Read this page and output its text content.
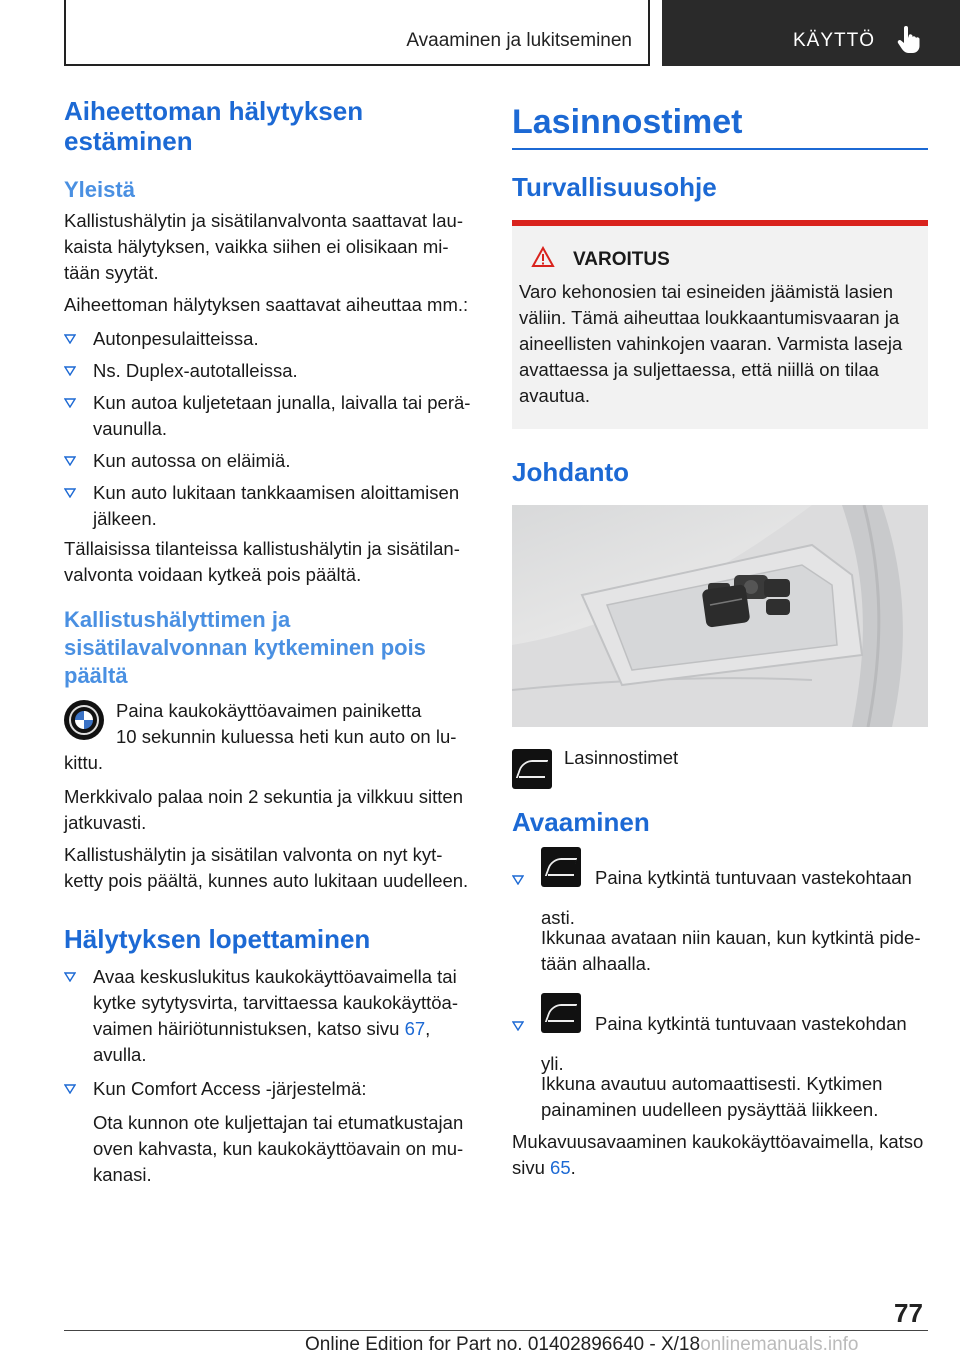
Avaaminen ja lukitseminen	KÄYTTÖ
Aiheettoman hälytyksen estäminen
Yleistä

Kallistushälytin ja sisätilanvalvonta saattavat lau-kaista hälytyksen, vaikka siihen ei olisikaan mi-tään syytät.

Aiheettoman hälytyksen saattavat aiheuttaa mm.:

Autonpesulaitteissa.
Ns. Duplex-autotalleissa.
Kun autoa kuljetetaan junalla, laivalla tai perä-vaunulla.
Kun autossa on eläimiä.
Kun auto lukitaan tankkaamisen aloittamisen jälkeen.

Tällaisissa tilanteissa kallistushälytin ja sisätilan-valvonta voidaan kytkeä pois päältä.

Kallistushälyttimen ja sisätilavalvonnan kytkeminen pois päältä
Paina kaukokäyttöavaimen painiketta
10 sekunnin kuluessa heti kun auto on lu-
kittu.

Merkkivalo palaa noin 2 sekuntia ja vilkkuu sitten jatkuvasti.

Kallistushälytin ja sisätilan valvonta on nyt kyt-ketty pois päältä, kunnes auto lukitaan uudelleen.

Hälytyksen lopettaminen
Avaa keskuslukitus kaukokäyttöavaimella tai kytke sytytysvirta, tarvittaessa kaukokäyttöa-vaimen häiriötunnistuksen, katso sivu 67, avulla.
Kun Comfort Access -järjestelmä:
Ota kunnon ote kuljettajan tai etumatkustajan oven kahvasta, kun kaukokäyttöavain on mu-kanasi.
Lasinnostimet
Turvallisuusohje
VAROITUS

Varo kehonosien tai esineiden jäämistä lasien väliin. Tämä aiheuttaa loukkaantumisvaaran ja aineellisten vahinkojen vaaran. Varmista laseja avattaessa ja suljettaessa, että niillä on tilaa avautua.

Johdanto
Lasinnostimet
Avaaminen
Paina kytkintä tuntuvaan vastekohtaan asti.
Ikkunaa avataan niin kauan, kun kytkintä pide-tään alhaalla.
Paina kytkintä tuntuvaan vastekohdan yli.
Ikkuna avautuu automaattisesti. Kytkimen painaminen uudelleen pysäyttää liikkeen.

Mukavuusavaaminen kaukokäyttöavaimella, katso sivu 65.

77
Online Edition for Part no. 01402896640 - X/18onlinemanuals.info
